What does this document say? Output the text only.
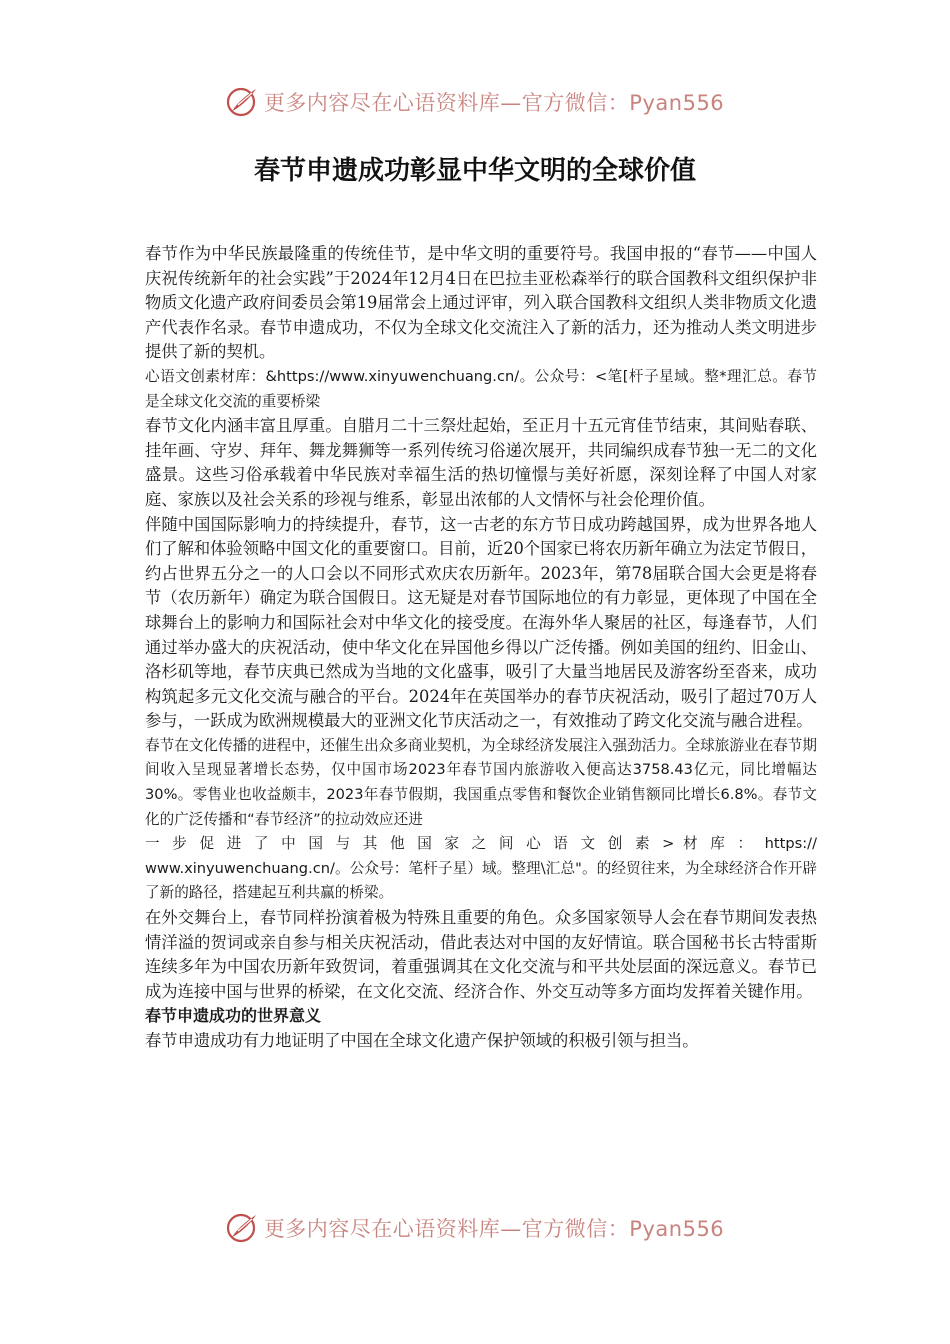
更多内容尽在心语资料库—官方微信：Pyan556
春节申遗成功彰显中华文明的全球价值

春节作为中华民族最隆重的传统佳节，是中华文明的重要符号。我国申报的“春节——中国人庆祝传统新年的社会实践”于2024年12月4日在巴拉圭亚松森举行的联合国教科文组织保护非物质文化遗产政府间委员会第19届常会上通过评审，列入联合国教科文组织人类非物质文化遗产代表作名录。春节申遗成功，不仅为全球文化交流注入了新的活力，还为推动人类文明进步提供了新的契机。

心语文创素材库：&https://www.xinyuwenchuang.cn/。公众号：<笔[杆子星域。整*理汇总。春节是全球文化交流的重要桥梁

春节文化内涵丰富且厚重。自腊月二十三祭灶起始，至正月十五元宵佳节结束，其间贴春联、挂年画、守岁、拜年、舞龙舞狮等一系列传统习俗递次展开，共同编织成春节独一无二的文化盛景。这些习俗承载着中华民族对幸福生活的热切憧憬与美好祈愿，深刻诠释了中国人对家庭、家族以及社会关系的珍视与维系，彰显出浓郁的人文情怀与社会伦理价值。

伴随中国国际影响力的持续提升，春节，这一古老的东方节日成功跨越国界，成为世界各地人们了解和体验领略中国文化的重要窗口。目前，近20个国家已将农历新年确立为法定节假日，约占世界五分之一的人口会以不同形式欢庆农历新年。2023年，第78届联合国大会更是将春节（农历新年）确定为联合国假日。这无疑是对春节国际地位的有力彰显，更体现了中国在全球舞台上的影响力和国际社会对中华文化的接受度。在海外华人聚居的社区，每逢春节，人们通过举办盛大的庆祝活动，使中华文化在异国他乡得以广泛传播。例如美国的纽约、旧金山、洛杉矶等地，春节庆典已然成为当地的文化盛事，吸引了大量当地居民及游客纷至沓来，成功构筑起多元文化交流与融合的平台。2024年在英国举办的春节庆祝活动，吸引了超过70万人参与，一跃成为欧洲规模最大的亚洲文化节庆活动之一，有效推动了跨文化交流与融合进程。

春节在文化传播的进程中，还催生出众多商业契机，为全球经济发展注入强劲活力。全球旅游业在春节期间收入呈现显著增长态势，仅中国市场2023年春节国内旅游收入便高达3758.43亿元，同比增幅达30%。零售业也收益颇丰，2023年春节假期，我国重点零售和餐饮企业销售额同比增长6.8%。春节文化的广泛传播和“春节经济”的拉动效应还进

一 步 促 进 了 中 国 与 其 他 国 家 之 间 心 语 文 创 素 > 材 库 ： https://

www.xinyuwenchuang.cn/。公众号：笔杆子星）域。整理\汇总"。的经贸往来，为全球经济合作开辟了新的路径，搭建起互利共赢的桥梁。

在外交舞台上，春节同样扮演着极为特殊且重要的角色。众多国家领导人会在春节期间发表热情洋溢的贺词或亲自参与相关庆祝活动，借此表达对中国的友好情谊。联合国秘书长古特雷斯连续多年为中国农历新年致贺词，着重强调其在文化交流与和平共处层面的深远意义。春节已成为连接中国与世界的桥梁，在文化交流、经济合作、外交互动等多方面均发挥着关键作用。

春节申遗成功的世界意义

春节申遗成功有力地证明了中国在全球文化遗产保护领域的积极引领与担当。

更多内容尽在心语资料库—官方微信：Pyan556
